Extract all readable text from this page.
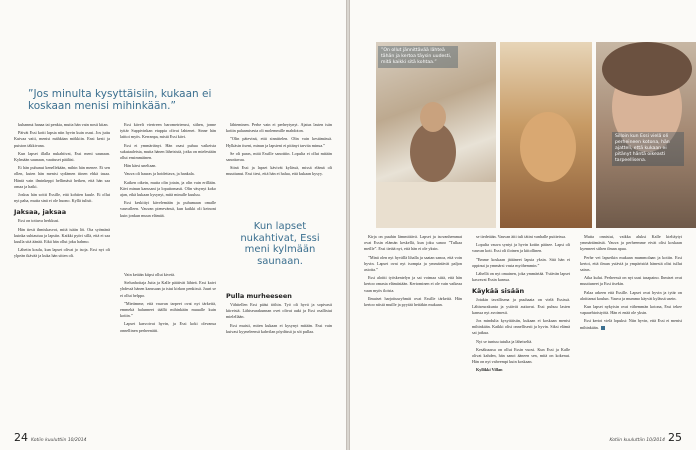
”Jos minulta kysyttäisiin, kukaan ei koskaan menisi mihinkään.”

kuhannut hanaa tai penkia, mutta hän vain nosti kiian.

Päivät Essi kotti lapsia niin hyvin kuin osasi. Jos juttu Kuivaa vaiti, menisi mähkäan mökkiin. Ensi kesti ja puiston täkkivana.

Kun lapset illalla nukahtivat, Essi meni saunaan. Kylmään saunaan, vaattuset pääläsi.

Ei hän puhunut kenellekään, mihin hän menee. Ei sen ollen, kuten hän menisi sydämen tiinen ehkä tasaa. Häntä vain ilminkeppi hellimäsä hetken, että hän saa omaa ja haiki.

Joskus hän soitti Essille, että kohtien kuule. Ei ollut nyt paha, mutta sinä ei ole huono. Kyllä tulisit.

Jaksaa, jaksaa

Essi on tottuva herkkusi.

Hän tiesit ihmiskasvot, mitä isään löi. Ota syömänä kuinka suhtautuu ja lapsiin. Kaikki pyöri sillä, että ei saa kuulla sitä äänää. Eikä hän ollut joku hahmo.

Lähetin koulu, kun lapset olivat jo isoja. Essi nyt oli ylpeän ikävää ja kuka hän sitten oli.

Essi kävelt vierireen barometrienssi, siihen, jonne tyttär Suppivinkan etappia olivat lahtenet. Sinne hän laittoi myös. Kerranpa, mistä Essi kävi.

Essi ei ymmärtänyt. Hän osasi puhua vaikeista sukutaaleista, mutta hänen läheisistä, jotka on mielestään ollut ensimmäinen.

Hän kärsi uneltaan.

Vauva oli hauras ja hoidettava, ja hankala.

Kaiken oikein, mutta olin jotain, ja olin vain erillään. Kävi minun kanssani ja loputtomasti. Olin väsynyt koko ajan, eikä kukaan kysynyt, mitä minulle kuuluu.

Essi keskittyi kävelemään ja puhumaan omalle vauvalleen. Vauvan pienevänsä, kun kaikki oli keinoni kuin jonkun muun elämää.

Vain ketään kiipsi ollut kivetä.

Sielunhoitaja Jutta ja Kalle päätivät lähteä. Essi kaivi yhdessä hänen kanssaan ja istui kirkon penkissä. Juuri se ei ollut helppo.

”Mietimme, että vauvan tarpeet ovat nyt tärkeitä, emmekä halunneet täällä mihinkään muualle kuin kotiin.”

Lapset kasvoivat hyvin, ja Essi koki olevansa onnellinen perheenäiti.

lähteminen. Perhe vain ei perheytynyt. Ajatus lasten isän kotiin palaamisesta oli molemmille mahdoton.

”Olin pätevinä, että sinnittelen. Olin vain kestämässä. Hylkäsin itseni, minun ja lapsieni ei pitänyt tarvita minua.”

Se oli paras, mitä Essille sanottiin. Lopulta ei ollut mitään sanottavaa.

Siinä Essi ja lapset kävivät kylässä, missä elämä oli muuttunut. Essi tiesi, että hän ei halua, että kukaan kysyy.

Pulla murheeseen

Vähitellen Essi pääsi töihin. Työ oli hyvä ja sopivasti kiireistä. Lähiseurakunnan ovet olivat auki ja Essi osallistui mielellään.

Essi muisti, miten kukaan ei kysynyt mitään. Essi vain kuivasi kyyneleensä kahvilan pöydässä ja söi pullaa.

Kun lapset nukahtivat, Essi meni kylmään saunaan.
24 Kotiin kuuluttiin 10/2014
”On ollut jännittävää lähteä tähän ja kertoa täysin uudesti, mitä kaikki sitä kohtaa.”
Silloin kun Essi vielä oli perheineen kotona, hän ajatteli, että kukaan ei pitänyt häntä oikeasti tarpeellisena.

Kirja on puuhin lämmittävä. Lapset ja isovanhemmat ovat Essin elämän keskellä, kun joku sanoo ”Tulkaa meille”. Essi tietää nyt, että hän ei ole yksin.

”Minä olen nyt hyvällä lihalla ja saatan sanoa, että voin hyvin. Lapset ovat nyt isompia ja ymmärtävät paljon asioita.”

Essi aloitti työskentelyn ja sai voimaa siitä, että hän kertoo omasta elämästään. Kertominen ei ole vain vaikeaa vaan myös iloista.

Ilmaiset harjoitusryhmät ovat Essille tärkeitä. Hän kertoo niistä muille ja pyytää heitäkin mukaan.

se tiedetään. Vauvan äiti tuli tätini vanhalle puitteissa.

Lopulta vauva syntyi ja hyvin kotiin pääsee. Lapsi oli vauvan koti. Essi oli iloinen ja kiitollinen.

”Emme koskaan jättäneet lapsia yksin. Sitä hän ei oppinut ja ymmärsi vasta myöhemmin.”

Lähellä on nyt omainen, joka ymmärtää. Ystävän lapset kasvavat Essin kanssa.

Käykää sisään

Jotakin tavallisena ja puuhaata on vielä Essissä. Lähiseurakunta ja ystävät auttavat. Essi puhuu lasten kanssa nyt avoimesti.

Jos mindulta kysyttäisiin, kukaan ei koskaan menisi mihinkään. Kaikki olisi onnellisesti ja hyvin. Siksi elämä sai jatkua.

Nyt se tuntuu tutulta ja läheiseltä.

Kesäkuussa on ollut Essin vuosi. Kun Essi ja Kalle olivat kahden, hän sanoi ääneen sen, mitä on kokenut. Hän on nyt vahvempi kuin koskaan.

Kyllikki Villan

Mutta onnistui, vaikka aluksi Kalle kieltäytyi ymmärtämästä. Vauva ja perheemme eivät olisi koskaan kyenneet siihen ilman apua.

Perhe vei lapsetkin mukaan mummolaan ja kotiin. Essi kertoi, että ilman ystäviä ja ympäristöä hänestä olisi tullut sairas.

Aika kului. Perheessä on nyt uusi tasapaino. Ihmiset ovat muuttuneet ja Essi itsekin.

Palaa arkeen että Essille. Lapset ovat hyvin ja tytär on aloittanut koulun. Vauva ja mummo käyvät kylässä usein.

Kun lapset nykyisin ovat vähemmän kotona, Essi tekee vapaaehtoistyötä. Hän ei enää ole yksin.

Essi kertoi vielä lopuksi: Niin hyvin, että Essi ei menisi mihinkään.

Kotiin kuuluttiin 10/2014 25
